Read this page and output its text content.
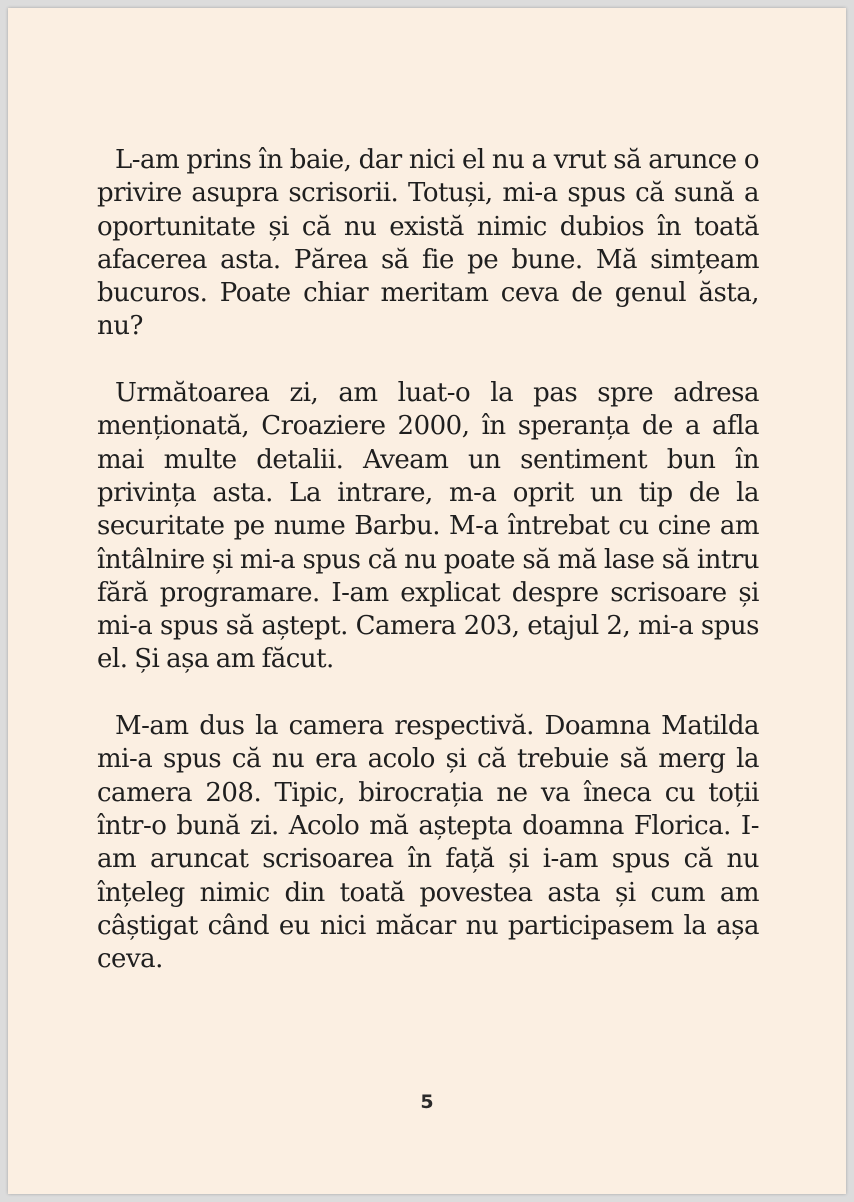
L-am prins în baie, dar nici el nu a vrut să arunce o privire asupra scrisorii. Totuși, mi-a spus că sună a oportunitate și că nu există nimic dubios în toată afacerea asta. Părea să fie pe bune. Mă simțeam bucuros. Poate chiar meritam ceva de genul ăsta, nu?

Următoarea zi, am luat-o la pas spre adresa menționată, Croaziere 2000, în speranța de a afla mai multe detalii. Aveam un sentiment bun în privința asta. La intrare, m-a oprit un tip de la securitate pe nume Barbu. M-a întrebat cu cine am întâlnire și mi-a spus că nu poate să mă lase să intru fără programare. I-am explicat despre scrisoare și mi-a spus să aștept. Camera 203, etajul 2, mi-a spus el. Și așa am făcut.

M-am dus la camera respectivă. Doamna Matilda mi-a spus că nu era acolo și că trebuie să merg la camera 208. Tipic, birocrația ne va îneca cu toții într-o bună zi. Acolo mă aștepta doamna Florica. I-am aruncat scrisoarea în față și i-am spus că nu înțeleg nimic din toată povestea asta și cum am câștigat când eu nici măcar nu participasem la așa ceva.

5
